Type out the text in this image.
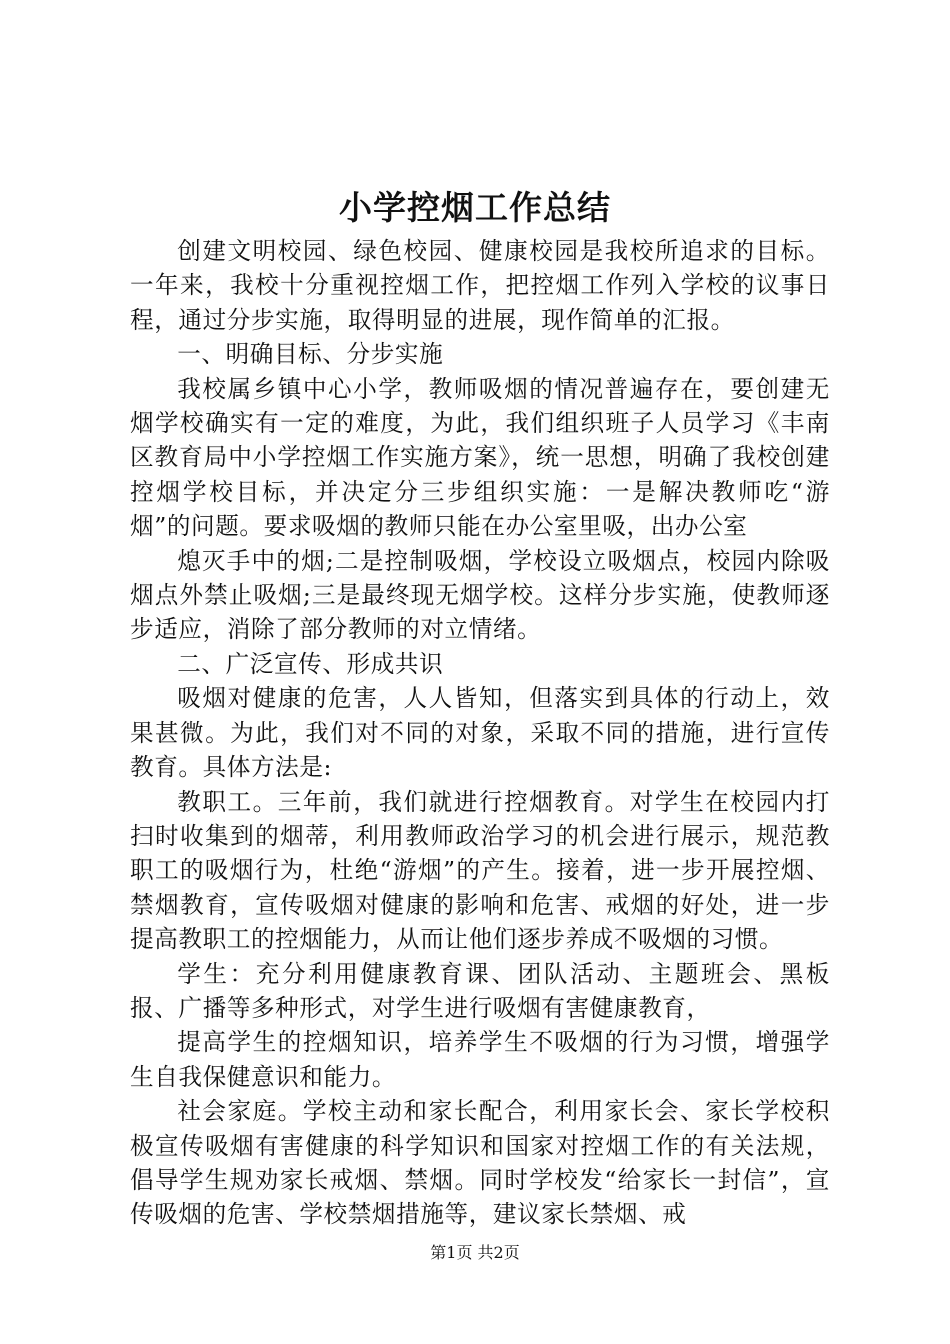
小学控烟工作总结

创建文明校园、绿色校园、健康校园是我校所追求的目标。一年来，我校十分重视控烟工作，把控烟工作列入学校的议事日程，通过分步实施，取得明显的进展，现作简单的汇报。

一、明确目标、分步实施

我校属乡镇中心小学，教师吸烟的情况普遍存在，要创建无烟学校确实有一定的难度，为此，我们组织班子人员学习《丰南区教育局中小学控烟工作实施方案》，统一思想，明确了我校创建控烟学校目标，并决定分三步组织实施：一是解决教师吃“游烟”的问题。要求吸烟的教师只能在办公室里吸，出办公室

熄灭手中的烟;二是控制吸烟，学校设立吸烟点，校园内除吸烟点外禁止吸烟;三是最终现无烟学校。这样分步实施，使教师逐步适应，消除了部分教师的对立情绪。

二、广泛宣传、形成共识

吸烟对健康的危害，人人皆知，但落实到具体的行动上，效果甚微。为此，我们对不同的对象，采取不同的措施，进行宣传教育。具体方法是:

教职工。三年前，我们就进行控烟教育。对学生在校园内打扫时收集到的烟蒂，利用教师政治学习的机会进行展示，规范教职工的吸烟行为，杜绝“游烟”的产生。接着，进一步开展控烟、禁烟教育，宣传吸烟对健康的影响和危害、戒烟的好处，进一步提高教职工的控烟能力，从而让他们逐步养成不吸烟的习惯。

学生：充分利用健康教育课、团队活动、主题班会、黑板报、广播等多种形式，对学生进行吸烟有害健康教育，

提高学生的控烟知识，培养学生不吸烟的行为习惯，增强学生自我保健意识和能力。

社会家庭。学校主动和家长配合，利用家长会、家长学校积极宣传吸烟有害健康的科学知识和国家对控烟工作的有关法规，倡导学生规劝家长戒烟、禁烟。同时学校发“给家长一封信”，宣传吸烟的危害、学校禁烟措施等，建议家长禁烟、戒

第1页 共2页
